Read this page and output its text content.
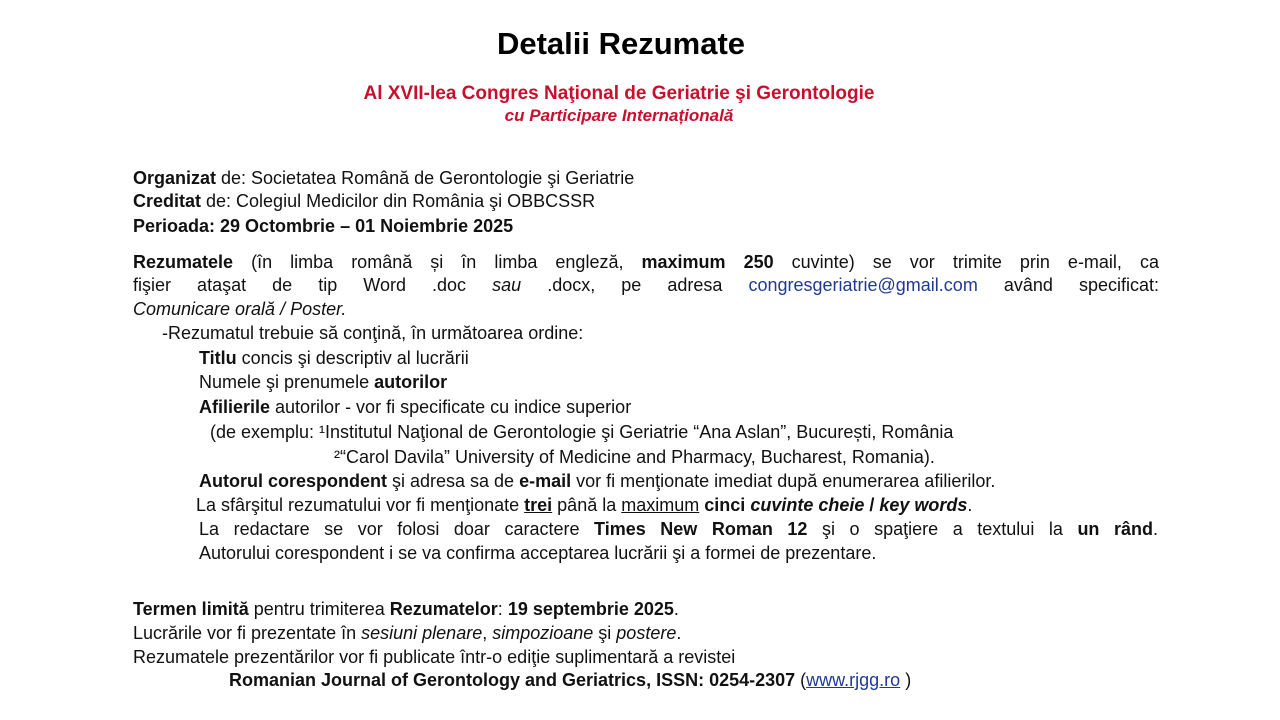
Detalii Rezumate
Al XVII-lea Congres Naţional de Geriatrie şi Gerontologie
cu Participare Internațională
Organizat de: Societatea Română de Gerontologie şi Geriatrie
Creditat de: Colegiul Medicilor din România şi OBBCSSR
Perioada: 29 Octombrie – 01 Noiembrie 2025
Rezumatele (în limba română și în limba engleză, maximum 250 cuvinte) se vor trimite prin e-mail, ca
fişier ataşat de tip Word .doc sau .docx, pe adresa congresgeriatrie@gmail.com având specificat:
Comunicare orală / Poster.
-Rezumatul trebuie să conţină, în următoarea ordine:
Titlu concis şi descriptiv al lucrării
Numele şi prenumele autorilor
Afilierile autorilor - vor fi specificate cu indice superior
(de exemplu: ¹Institutul Naţional de Gerontologie şi Geriatrie “Ana Aslan”, București, România
²“Carol Davila” University of Medicine and Pharmacy, Bucharest, Romania).
Autorul corespondent şi adresa sa de e-mail vor fi menţionate imediat după enumerarea afilierilor.
La sfârşitul rezumatului vor fi menţionate trei până la maximum cinci cuvinte cheie / key words.
La redactare se vor folosi doar caractere Times New Roman 12 şi o spaţiere a textului la un rând.
Autorului corespondent i se va confirma acceptarea lucrării şi a formei de prezentare.
Termen limită pentru trimiterea Rezumatelor: 19 septembrie 2025.
Lucrările vor fi prezentate în sesiuni plenare, simpozioane şi postere.
Rezumatele prezentărilor vor fi publicate într-o ediţie suplimentară a revistei
Romanian Journal of Gerontology and Geriatrics, ISSN: 0254-2307 (www.rjgg.ro )
